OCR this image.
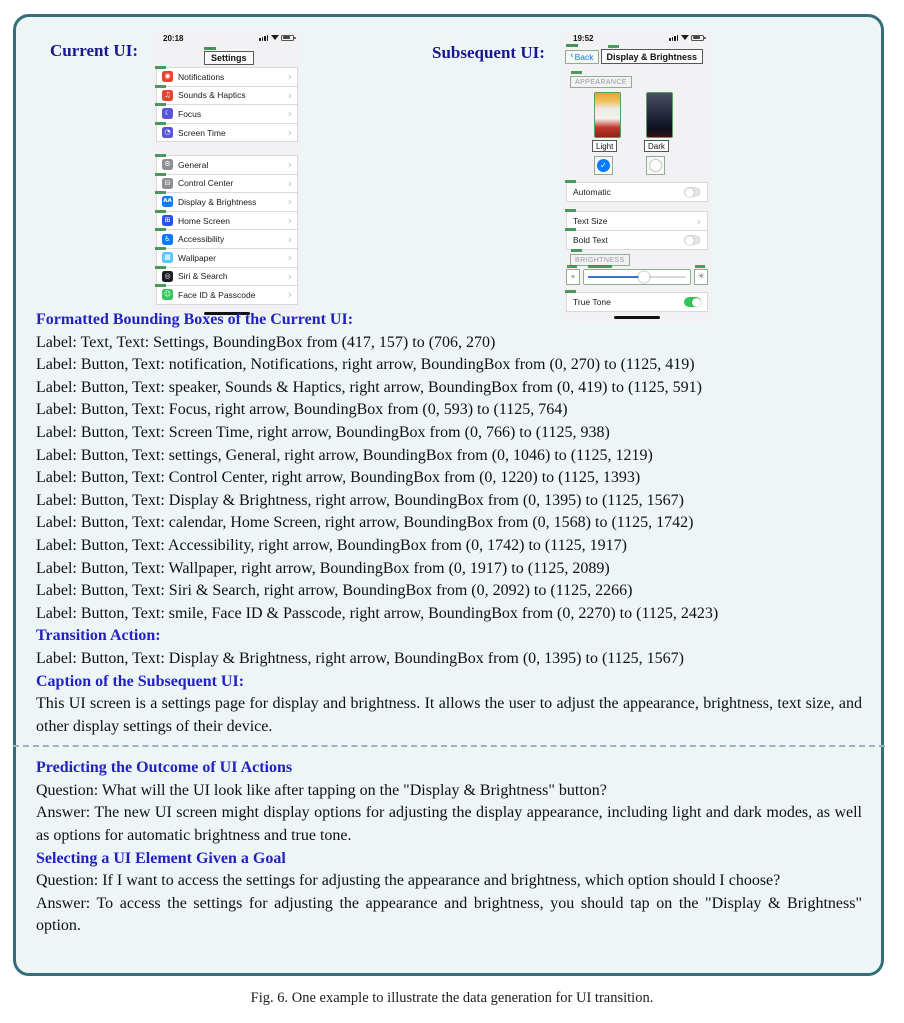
Current UI:
20:18
Settings
◉ Notifications	›
♫ Sounds & Haptics	›
☾ Focus	›
◔ Screen Time	›
⚙ General	›
⊟ Control Center	›
AA Display & Brightness	›
⊞ Home Screen	›
♿ Accessibility	›
▦ Wallpaper	›
◎ Siri & Search	›
☺ Face ID & Passcode	›
Subsequent UI:
19:52
‹ Back	Display & Brightness
APPEARANCE
Light	Dark
✓
Automatic
Text Size	›
Bold Text
BRIGHTNESS
☀	☀
True Tone
Formatted Bounding Boxes of the Current UI:
Label: Text, Text: Settings, BoundingBox from (417, 157) to (706, 270)
Label: Button, Text: notification, Notifications, right arrow, BoundingBox from (0, 270) to (1125, 419)
Label: Button, Text: speaker, Sounds & Haptics, right arrow, BoundingBox from (0, 419) to (1125, 591)
Label: Button, Text: Focus, right arrow, BoundingBox from (0, 593) to (1125, 764)
Label: Button, Text: Screen Time, right arrow, BoundingBox from (0, 766) to (1125, 938)
Label: Button, Text: settings, General, right arrow, BoundingBox from (0, 1046) to (1125, 1219)
Label: Button, Text: Control Center, right arrow, BoundingBox from (0, 1220) to (1125, 1393)
Label: Button, Text: Display & Brightness, right arrow, BoundingBox from (0, 1395) to (1125, 1567)
Label: Button, Text: calendar, Home Screen, right arrow, BoundingBox from (0, 1568) to (1125, 1742)
Label: Button, Text: Accessibility, right arrow, BoundingBox from (0, 1742) to (1125, 1917)
Label: Button, Text: Wallpaper, right arrow, BoundingBox from (0, 1917) to (1125, 2089)
Label: Button, Text: Siri & Search, right arrow, BoundingBox from (0, 2092) to (1125, 2266)
Label: Button, Text: smile, Face ID & Passcode, right arrow, BoundingBox from (0, 2270) to (1125, 2423)
Transition Action:
Label: Button, Text: Display & Brightness, right arrow, BoundingBox from (0, 1395) to (1125, 1567)
Caption of the Subsequent UI:
This UI screen is a settings page for display and brightness. It allows the user to adjust the appearance, brightness, text size, and other display settings of their device.
Predicting the Outcome of UI Actions
Question: What will the UI look like after tapping on the "Display & Brightness" button?
Answer: The new UI screen might display options for adjusting the display appearance, including light and dark modes, as well as options for automatic brightness and true tone.
Selecting a UI Element Given a Goal
Question: If I want to access the settings for adjusting the appearance and brightness, which option should I choose?
Answer: To access the settings for adjusting the appearance and brightness, you should tap on the "Display & Brightness" option.
Fig. 6. One example to illustrate the data generation for UI transition.
